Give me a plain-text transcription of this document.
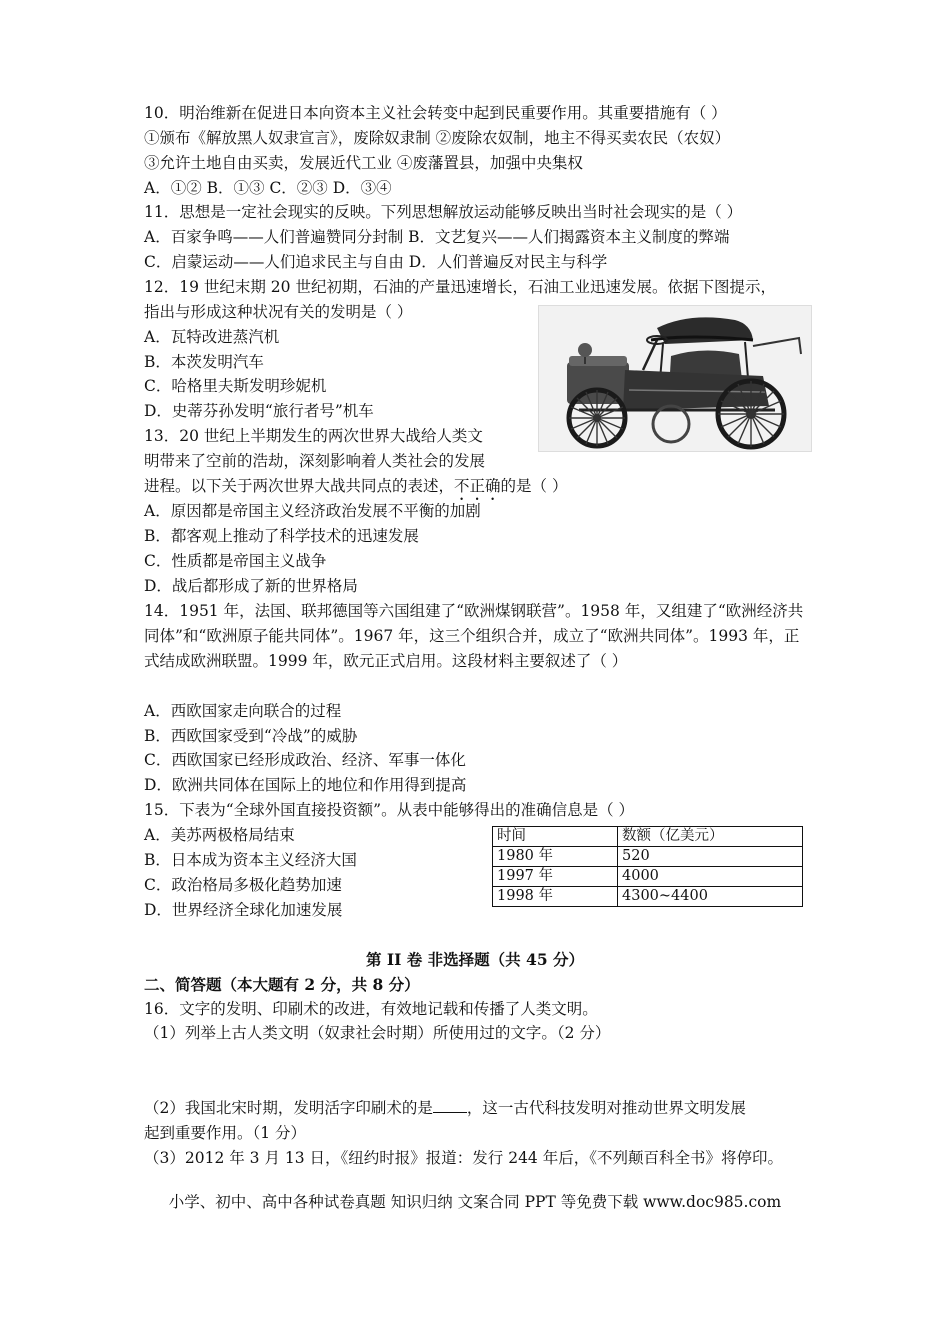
10．明治维新在促进日本向资本主义社会转变中起到民重要作用。其重要措施有（ ）
①颁布《解放黑人奴隶宣言》，废除奴隶制 ②废除农奴制，地主不得买卖农民（农奴）
③允许土地自由买卖，发展近代工业 ④废藩置县，加强中央集权
A．①② B．①③ C．②③ D．③④
11．思想是一定社会现实的反映。下列思想解放运动能够反映出当时社会现实的是（ ）
A．百家争鸣——人们普遍赞同分封制 B．文艺复兴——人们揭露资本主义制度的弊端
C．启蒙运动——人们追求民主与自由 D．人们普遍反对民主与科学
12．19 世纪末期 20 世纪初期，石油的产量迅速增长，石油工业迅速发展。依据下图提示，
指出与形成这种状况有关的发明是（ ）
A．瓦特改进蒸汽机
B．本茨发明汽车
C．哈格里夫斯发明珍妮机
D．史蒂芬孙发明“旅行者号”机车
13．20 世纪上半期发生的两次世界大战给人类文
明带来了空前的浩劫，深刻影响着人类社会的发展
进程。以下关于两次世界大战共同点的表述，不正确的是（ ）
A．原因都是帝国主义经济政治发展不平衡的加剧
B．都客观上推动了科学技术的迅速发展
C．性质都是帝国主义战争
D．战后都形成了新的世界格局
14．1951 年，法国、联邦德国等六国组建了“欧洲煤钢联营”。1958 年，又组建了“欧洲经济共同体”和“欧洲原子能共同体”。1967 年，这三个组织合并，成立了“欧洲共同体”。1993 年，正式结成欧洲联盟。1999 年，欧元正式启用。这段材料主要叙述了（ ）
A．西欧国家走向联合的过程
B．西欧国家受到“冷战”的威胁
C．西欧国家已经形成政治、经济、军事一体化
D．欧洲共同体在国际上的地位和作用得到提高
15．下表为“全球外国直接投资额”。从表中能够得出的准确信息是（ ）
A．美苏两极格局结束
B．日本成为资本主义经济大国
C．政治格局多极化趋势加速
D．世界经济全球化加速发展
时间	数额（亿美元）
1980 年	520
1997 年	4000
1998 年	4300~4400
第 II 卷 非选择题（共 45 分）
二、简答题（本大题有 2 分，共 8 分）
16．文字的发明、印刷术的改进，有效地记载和传播了人类文明。
（1）列举上古人类文明（奴隶社会时期）所使用过的文字。（2 分）
（2）我国北宋时期，发明活字印刷术的是 ，这一古代科技发明对推动世界文明发展
起到重要作用。（1 分）
（3）2012 年 3 月 13 日，《纽约时报》报道：发行 244 年后，《不列颠百科全书》将停印。
小学、初中、高中各种试卷真题 知识归纳 文案合同 PPT 等免费下载 www.doc985.com
